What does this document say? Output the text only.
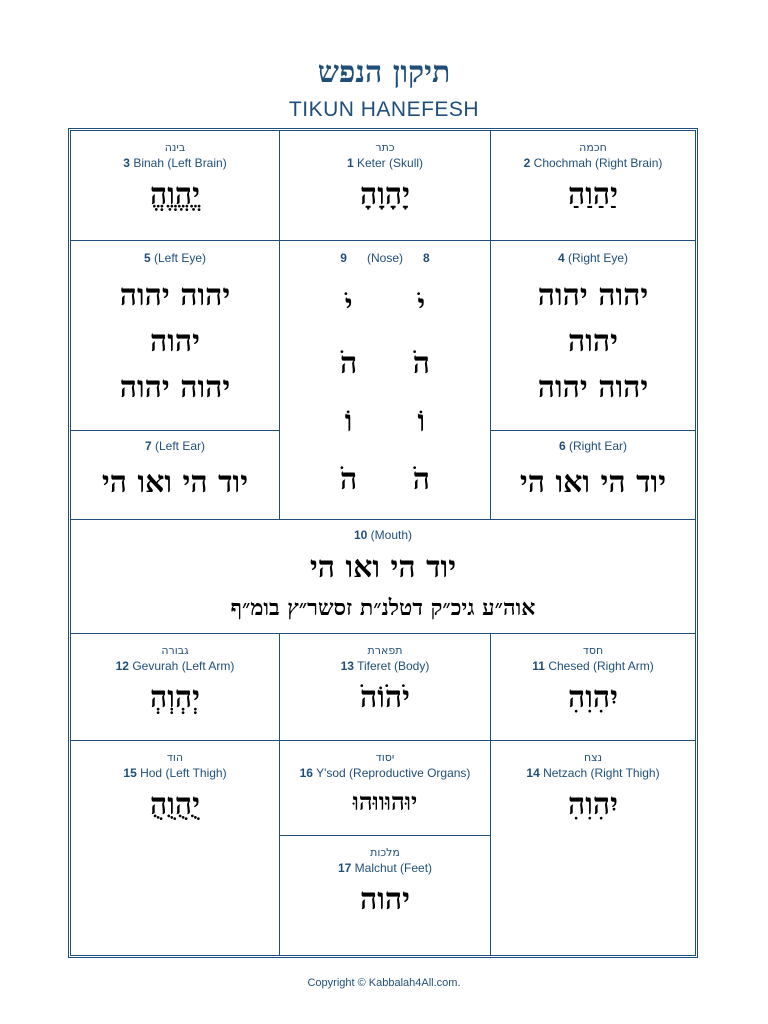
תיקון הנפש
TIKUN HANEFESH
בינה
3 Binah (Left Brain)
יֱהֱוֱהֱ
כתר
1 Keter (Skull)
יָהָוָהָ
חכמה
2 Chochmah (Right Brain)
יַהַוַהַ
5 (Left Eye)
יהוה יהוה
יהוה
יהוה יהוה
9 (Nose) 8
יֹ
הֹ
וֹ
הֹ
יֹ
הֹ
וֹ
הֹ
4 (Right Eye)
יהוה יהוה
יהוה
יהוה יהוה
7 (Left Ear)
יוד הי ואו הי
6 (Right Ear)
יוד הי ואו הי
10 (Mouth)
יוד הי ואו הי
אוה״ע גיכ״ק דטלנ״ת זסשר״ץ בומ״ף
גבורה
12 Gevurah (Left Arm)
יְהְוְהְ
תפארת
13 Tiferet (Body)
יֹהֹוֹהֹ
חסד
11 Chesed (Right Arm)
יִהִוִהִ
הוד
15 Hod (Left Thigh)
יֻהֻוֻהֻ
יסוד
16 Y'sod (Reproductive Organs)
יוּהוּווּהוּ
נצח
14 Netzach (Right Thigh)
יִהִוִהִ
מלכות
17 Malchut (Feet)
יהוה
Copyright © Kabbalah4All.com.
